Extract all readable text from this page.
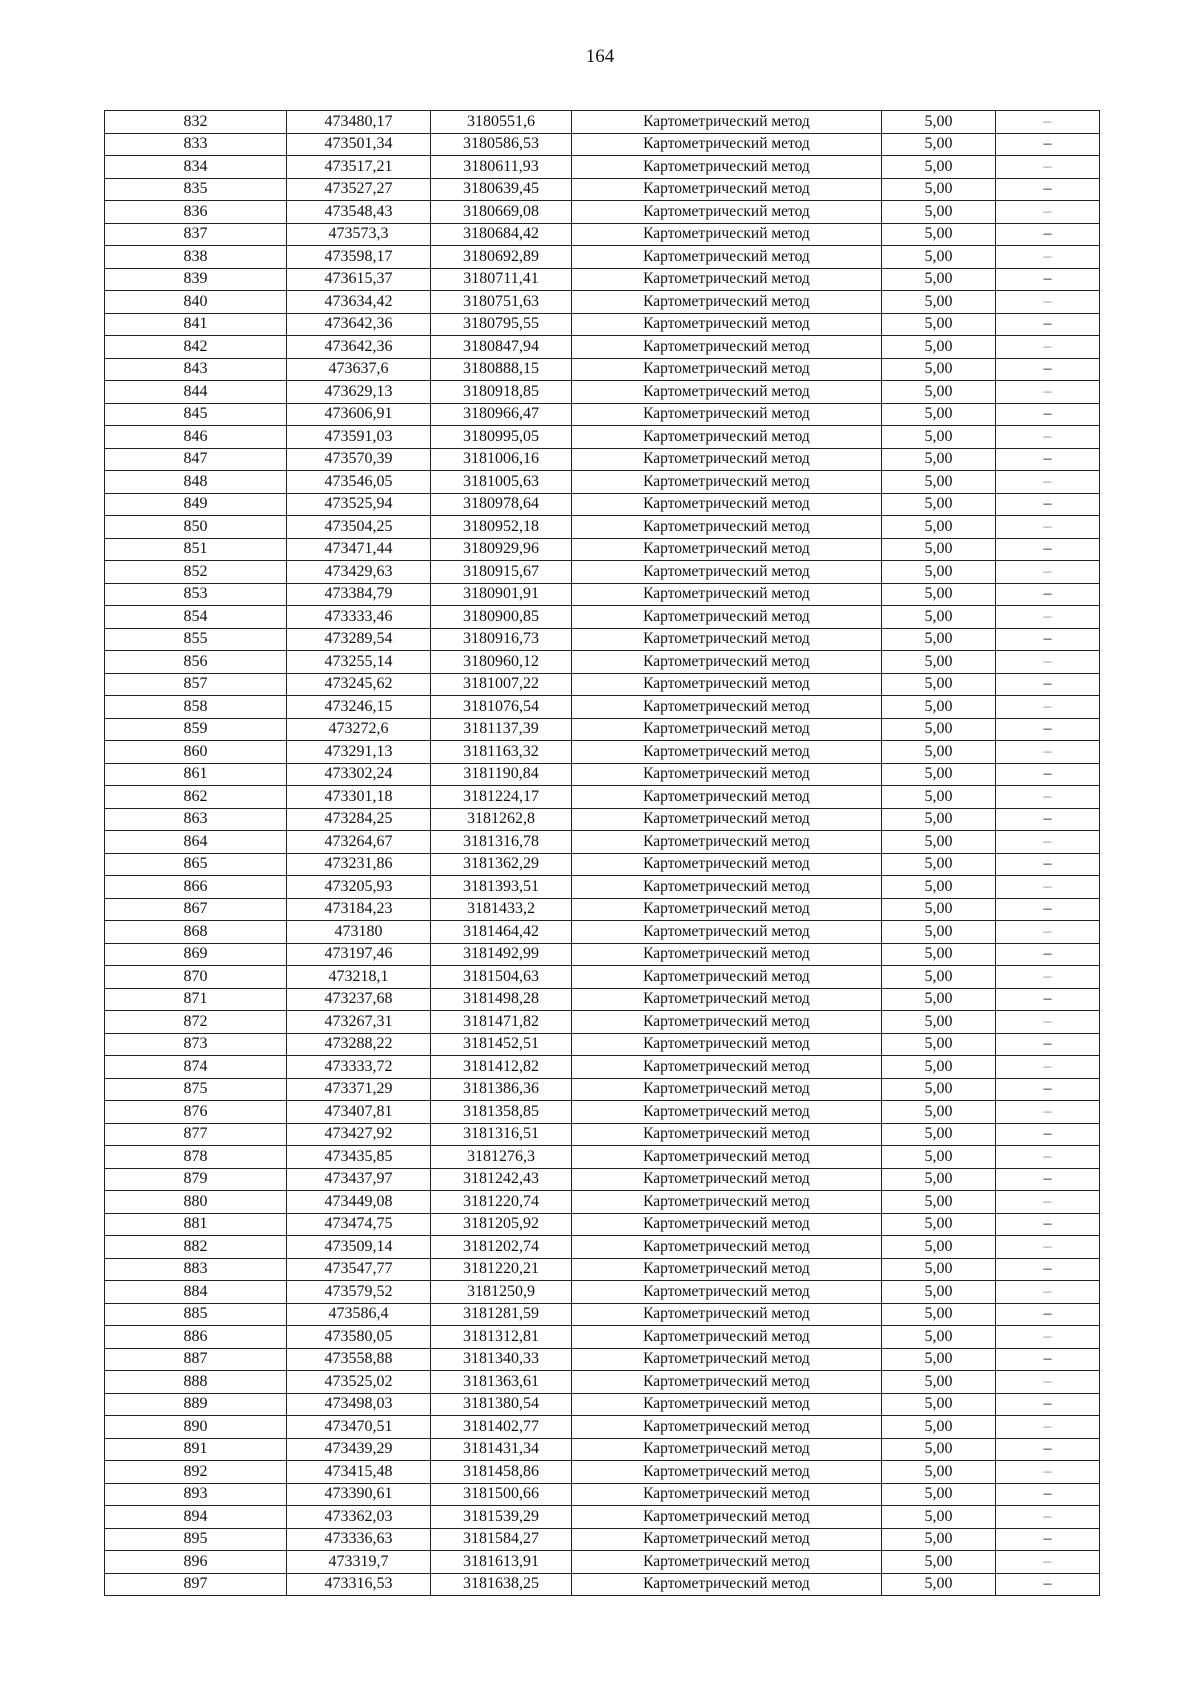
164
832	473480,17	3180551,6	Картометрический метод	5,00	–
833	473501,34	3180586,53	Картометрический метод	5,00	–
834	473517,21	3180611,93	Картометрический метод	5,00	–
835	473527,27	3180639,45	Картометрический метод	5,00	–
836	473548,43	3180669,08	Картометрический метод	5,00	–
837	473573,3	3180684,42	Картометрический метод	5,00	–
838	473598,17	3180692,89	Картометрический метод	5,00	–
839	473615,37	3180711,41	Картометрический метод	5,00	–
840	473634,42	3180751,63	Картометрический метод	5,00	–
841	473642,36	3180795,55	Картометрический метод	5,00	–
842	473642,36	3180847,94	Картометрический метод	5,00	–
843	473637,6	3180888,15	Картометрический метод	5,00	–
844	473629,13	3180918,85	Картометрический метод	5,00	–
845	473606,91	3180966,47	Картометрический метод	5,00	–
846	473591,03	3180995,05	Картометрический метод	5,00	–
847	473570,39	3181006,16	Картометрический метод	5,00	–
848	473546,05	3181005,63	Картометрический метод	5,00	–
849	473525,94	3180978,64	Картометрический метод	5,00	–
850	473504,25	3180952,18	Картометрический метод	5,00	–
851	473471,44	3180929,96	Картометрический метод	5,00	–
852	473429,63	3180915,67	Картометрический метод	5,00	–
853	473384,79	3180901,91	Картометрический метод	5,00	–
854	473333,46	3180900,85	Картометрический метод	5,00	–
855	473289,54	3180916,73	Картометрический метод	5,00	–
856	473255,14	3180960,12	Картометрический метод	5,00	–
857	473245,62	3181007,22	Картометрический метод	5,00	–
858	473246,15	3181076,54	Картометрический метод	5,00	–
859	473272,6	3181137,39	Картометрический метод	5,00	–
860	473291,13	3181163,32	Картометрический метод	5,00	–
861	473302,24	3181190,84	Картометрический метод	5,00	–
862	473301,18	3181224,17	Картометрический метод	5,00	–
863	473284,25	3181262,8	Картометрический метод	5,00	–
864	473264,67	3181316,78	Картометрический метод	5,00	–
865	473231,86	3181362,29	Картометрический метод	5,00	–
866	473205,93	3181393,51	Картометрический метод	5,00	–
867	473184,23	3181433,2	Картометрический метод	5,00	–
868	473180	3181464,42	Картометрический метод	5,00	–
869	473197,46	3181492,99	Картометрический метод	5,00	–
870	473218,1	3181504,63	Картометрический метод	5,00	–
871	473237,68	3181498,28	Картометрический метод	5,00	–
872	473267,31	3181471,82	Картометрический метод	5,00	–
873	473288,22	3181452,51	Картометрический метод	5,00	–
874	473333,72	3181412,82	Картометрический метод	5,00	–
875	473371,29	3181386,36	Картометрический метод	5,00	–
876	473407,81	3181358,85	Картометрический метод	5,00	–
877	473427,92	3181316,51	Картометрический метод	5,00	–
878	473435,85	3181276,3	Картометрический метод	5,00	–
879	473437,97	3181242,43	Картометрический метод	5,00	–
880	473449,08	3181220,74	Картометрический метод	5,00	–
881	473474,75	3181205,92	Картометрический метод	5,00	–
882	473509,14	3181202,74	Картометрический метод	5,00	–
883	473547,77	3181220,21	Картометрический метод	5,00	–
884	473579,52	3181250,9	Картометрический метод	5,00	–
885	473586,4	3181281,59	Картометрический метод	5,00	–
886	473580,05	3181312,81	Картометрический метод	5,00	–
887	473558,88	3181340,33	Картометрический метод	5,00	–
888	473525,02	3181363,61	Картометрический метод	5,00	–
889	473498,03	3181380,54	Картометрический метод	5,00	–
890	473470,51	3181402,77	Картометрический метод	5,00	–
891	473439,29	3181431,34	Картометрический метод	5,00	–
892	473415,48	3181458,86	Картометрический метод	5,00	–
893	473390,61	3181500,66	Картометрический метод	5,00	–
894	473362,03	3181539,29	Картометрический метод	5,00	–
895	473336,63	3181584,27	Картометрический метод	5,00	–
896	473319,7	3181613,91	Картометрический метод	5,00	–
897	473316,53	3181638,25	Картометрический метод	5,00	–
